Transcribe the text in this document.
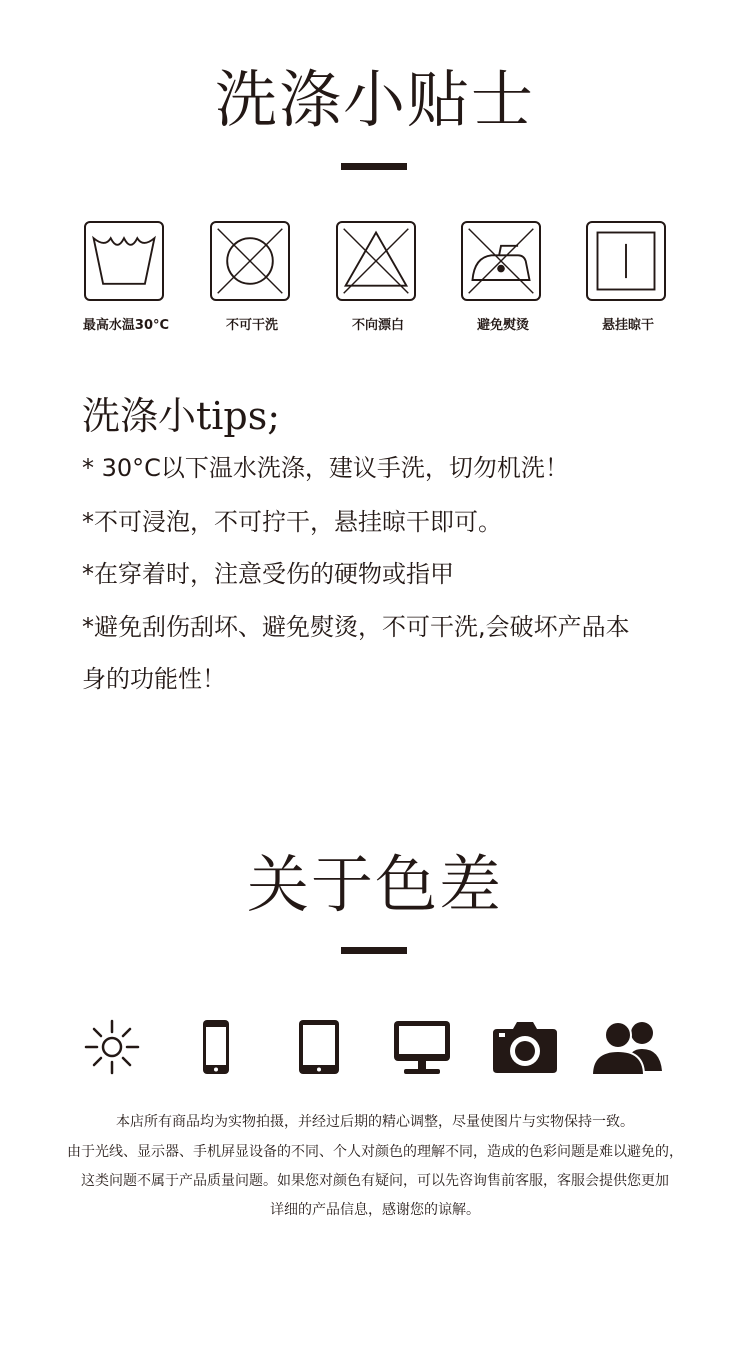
洗涤小贴士
最高水温30°C	不可干洗	不向漂白	避免熨烫	悬挂晾干
洗涤小tips;
* 30°C以下温水洗涤，建议手洗，切勿机洗！
*不可浸泡，不可拧干，悬挂晾干即可。
*在穿着时，注意受伤的硬物或指甲
*避免刮伤刮坏、避免熨烫，不可干洗,会破坏产品本
身的功能性！
关于色差
本店所有商品均为实物拍摄，并经过后期的精心调整，尽量使图片与实物保持一致。
由于光线、显示器、手机屏显设备的不同、个人对颜色的理解不同，造成的色彩问题是难以避免的，
这类问题不属于产品质量问题。如果您对颜色有疑问，可以先咨询售前客服，客服会提供您更加
详细的产品信息，感谢您的谅解。
